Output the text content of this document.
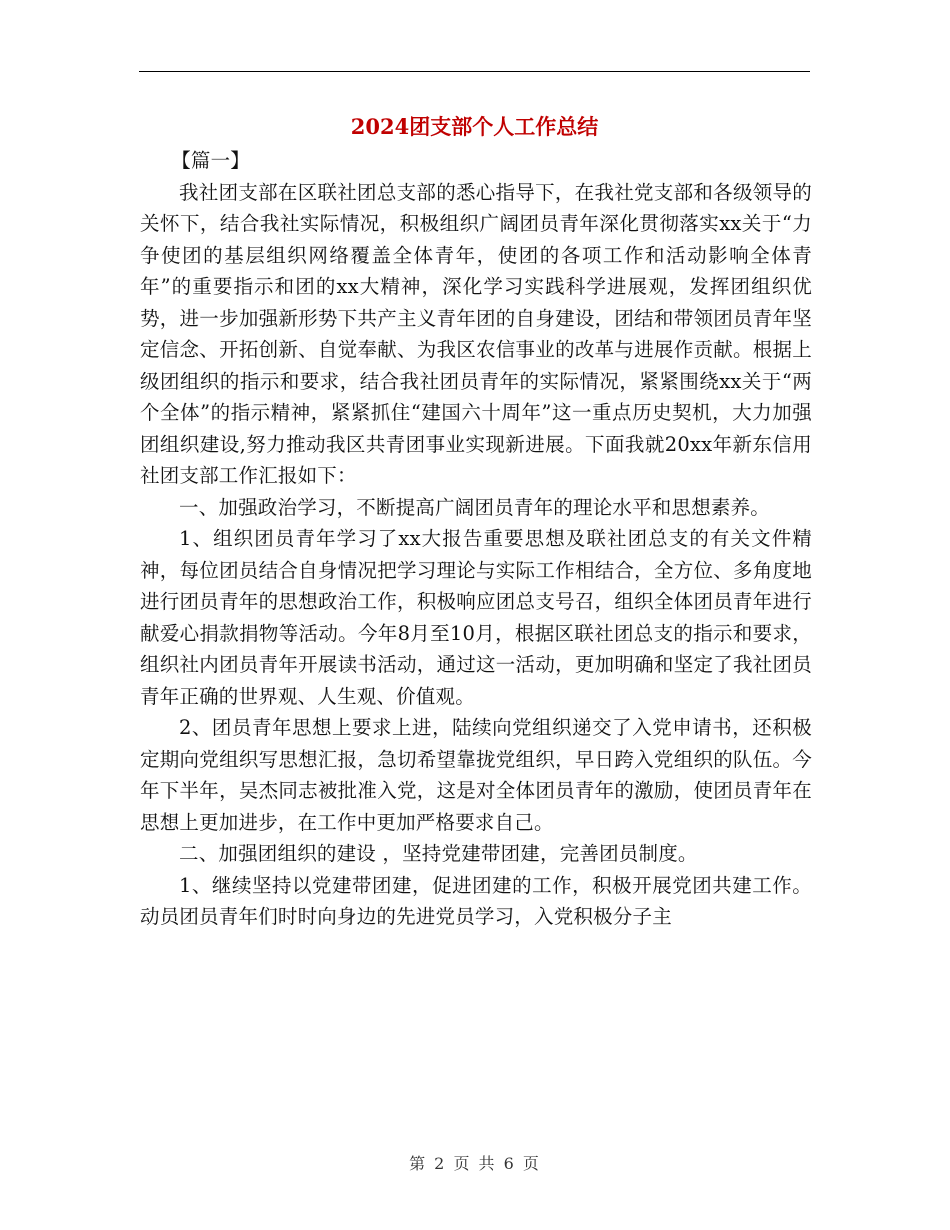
2024团支部个人工作总结

【篇一】

我社团支部在区联社团总支部的悉心指导下，在我社党支部和各级领导的关怀下，结合我社实际情况，积极组织广阔团员青年深化贯彻落实xx关于“力争使团的基层组织网络覆盖全体青年，使团的各项工作和活动影响全体青年”的重要指示和团的xx大精神，深化学习实践科学进展观，发挥团组织优势，进一步加强新形势下共产主义青年团的自身建设，团结和带领团员青年坚定信念、开拓创新、自觉奉献、为我区农信事业的改革与进展作贡献。根据上级团组织的指示和要求，结合我社团员青年的实际情况，紧紧围绕xx关于“两个全体”的指示精神，紧紧抓住“建国六十周年”这一重点历史契机，大力加强团组织建设,努力推动我区共青团事业实现新进展。下面我就20xx年新东信用社团支部工作汇报如下：

一、加强政治学习，不断提高广阔团员青年的理论水平和思想素养。

1、组织团员青年学习了xx大报告重要思想及联社团总支的有关文件精神，每位团员结合自身情况把学习理论与实际工作相结合，全方位、多角度地进行团员青年的思想政治工作，积极响应团总支号召，组织全体团员青年进行献爱心捐款捐物等活动。今年8月至10月，根据区联社团总支的指示和要求，组织社内团员青年开展读书活动，通过这一活动，更加明确和坚定了我社团员青年正确的世界观、人生观、价值观。

2、团员青年思想上要求上进，陆续向党组织递交了入党申请书，还积极定期向党组织写思想汇报，急切希望靠拢党组织，早日跨入党组织的队伍。今年下半年，吴杰同志被批准入党，这是对全体团员青年的激励，使团员青年在思想上更加进步，在工作中更加严格要求自己。

二、加强团组织的建设 ，坚持党建带团建，完善团员制度。

1、继续坚持以党建带团建，促进团建的工作，积极开展党团共建工作。动员团员青年们时时向身边的先进党员学习，入党积极分子主

第 2 页 共 6 页
